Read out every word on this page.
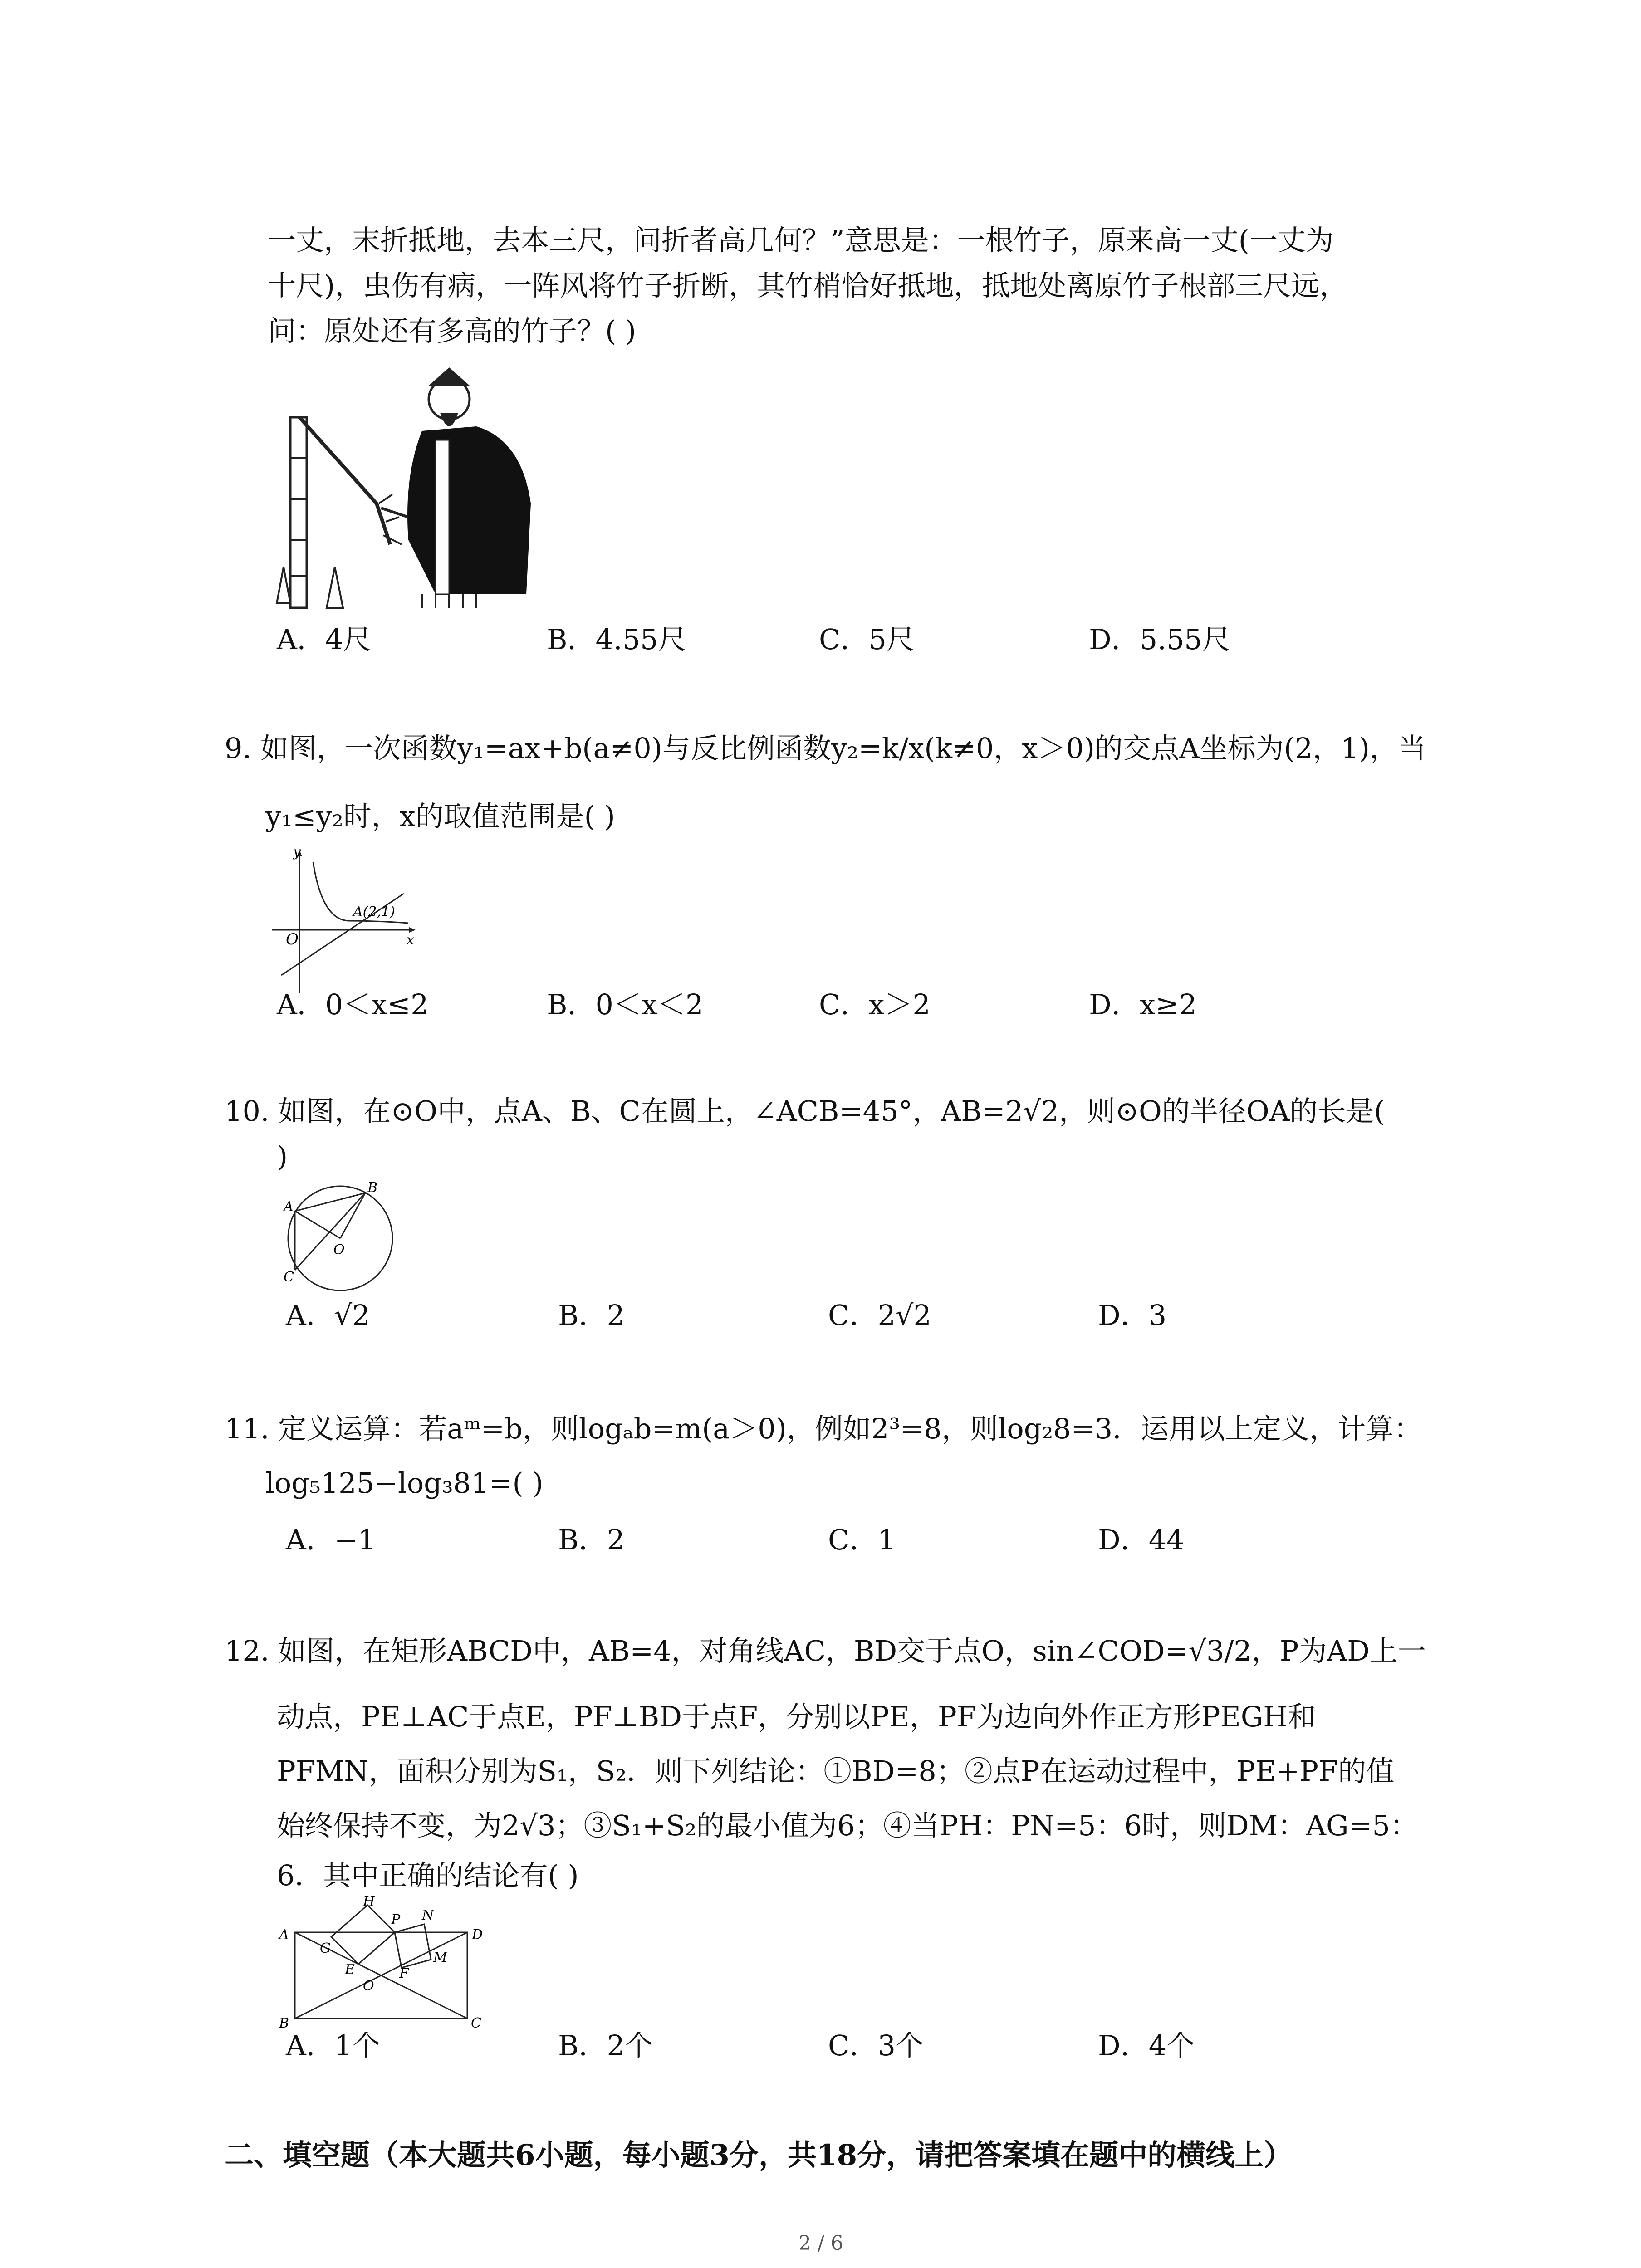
一丈，末折抵地，去本三尺，问折者高几何？”意思是：一根竹子，原来高一丈(一丈为
十尺)，虫伤有病，一阵风将竹子折断，其竹梢恰好抵地，抵地处离原竹子根部三尺远，
问：原处还有多高的竹子？( )
A．4尺	B．4.55尺	C．5尺	D．5.55尺
9. 如图，一次函数y₁=ax+b(a≠0)与反比例函数y₂=k/x(k≠0，x＞0)的交点A坐标为(2，1)，当
y₁≤y₂时，x的取值范围是( )
y
x
O
A(2,1)
A．0＜x≤2	B．0＜x＜2	C．x＞2	D．x≥2
10. 如图，在⊙O中，点A、B、C在圆上，∠ACB=45°，AB=2√2，则⊙O的半径OA的长是(
)
A
B
C
O
A．√2	B．2	C．2√2	D．3
11. 定义运算：若aᵐ=b，则logₐb=m(a＞0)，例如2³=8，则log₂8=3．运用以上定义，计算：
log₅125−log₃81=( )
A．−1	B．2	C．1	D．44
12. 如图，在矩形ABCD中，AB=4，对角线AC，BD交于点O，sin∠COD=√3/2，P为AD上一
动点，PE⊥AC于点E，PF⊥BD于点F，分别以PE，PF为边向外作正方形PEGH和
PFMN，面积分别为S₁，S₂．则下列结论：①BD=8；②点P在运动过程中，PE+PF的值
始终保持不变，为2√3；③S₁+S₂的最小值为6；④当PH：PN=5：6时，则DM：AG=5：
6．其中正确的结论有( )
A
B	C
D
H
P N
G
E	F
M
O
A．1个	B．2个	C．3个	D．4个
二、填空题（本大题共6小题，每小题3分，共18分，请把答案填在题中的横线上）
2 / 6
